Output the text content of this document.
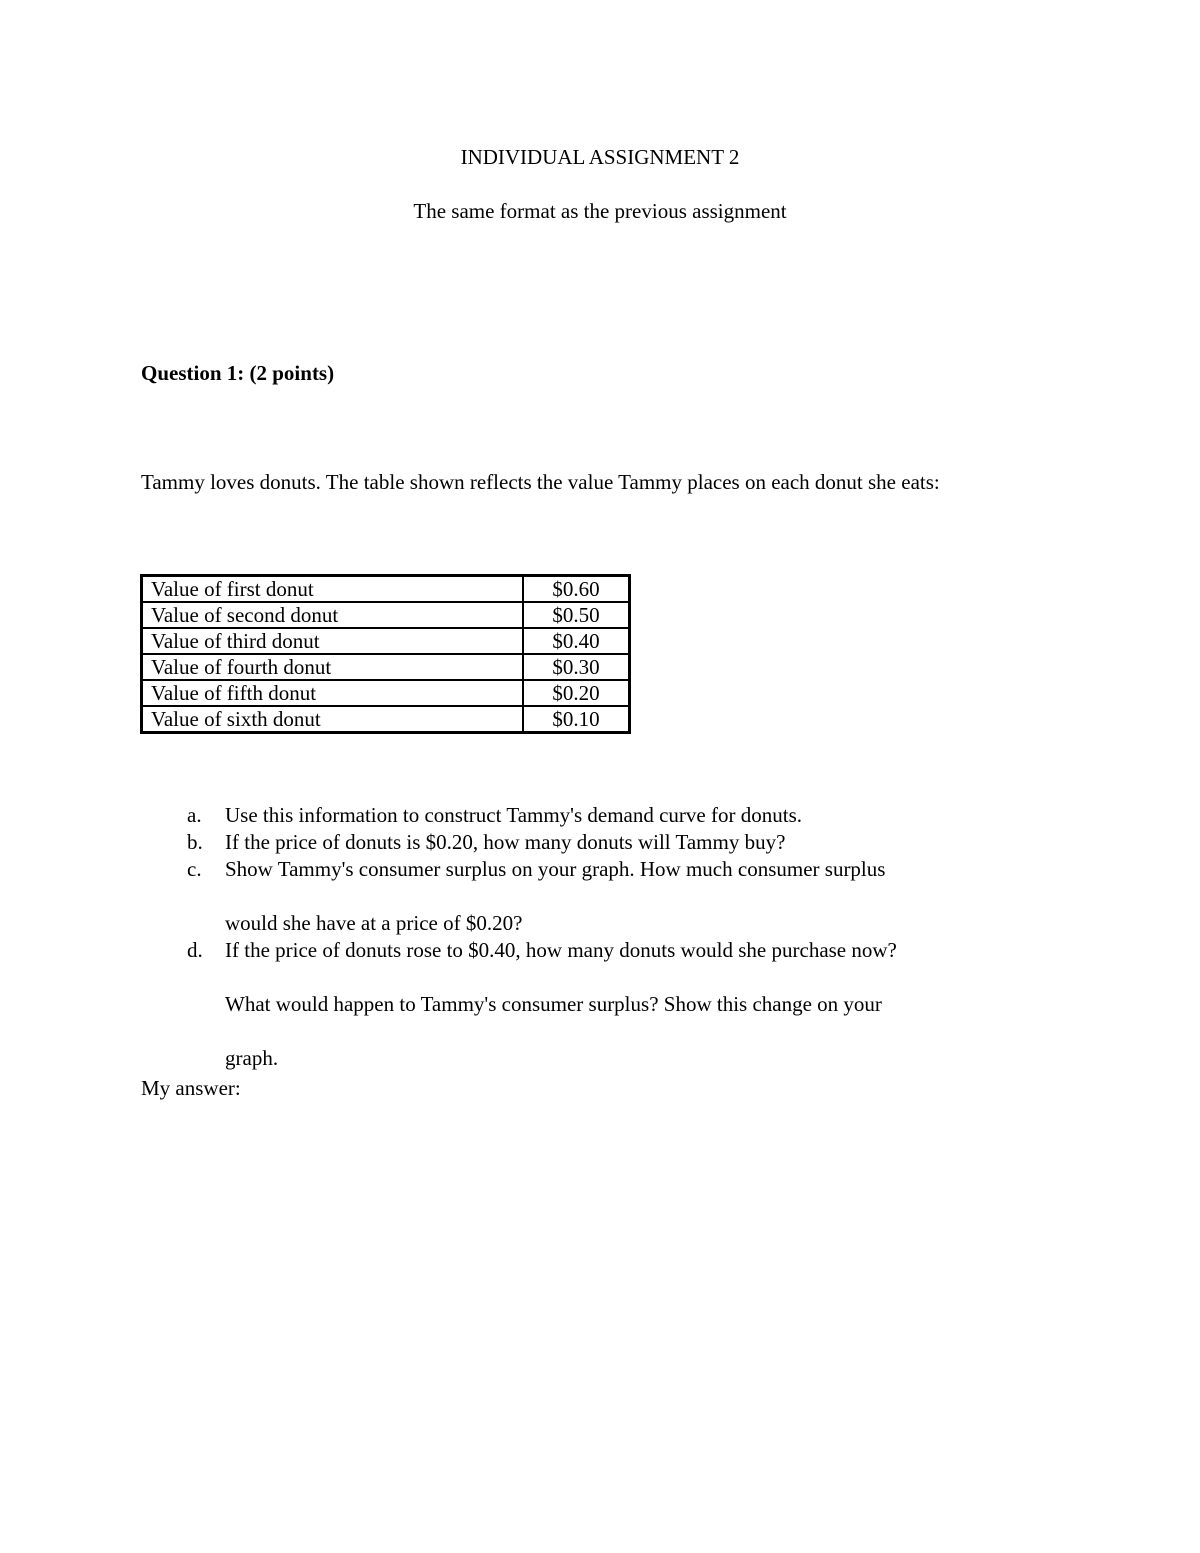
INDIVIDUAL ASSIGNMENT 2
The same format as the previous assignment
Question 1: (2 points)
Tammy loves donuts. The table shown reflects the value Tammy places on each donut she eats:
Value of first donut	$0.60
Value of second donut	$0.50
Value of third donut	$0.40
Value of fourth donut	$0.30
Value of fifth donut	$0.20
Value of sixth donut	$0.10
a.	Use this information to construct Tammy's demand curve for donuts.
b.	If the price of donuts is $0.20, how many donuts will Tammy buy?
c.	Show Tammy's consumer surplus on your graph. How much consumer surplus
would she have at a price of $0.20?
d.	If the price of donuts rose to $0.40, how many donuts would she purchase now?
What would happen to Tammy's consumer surplus? Show this change on your
graph.
My answer:
